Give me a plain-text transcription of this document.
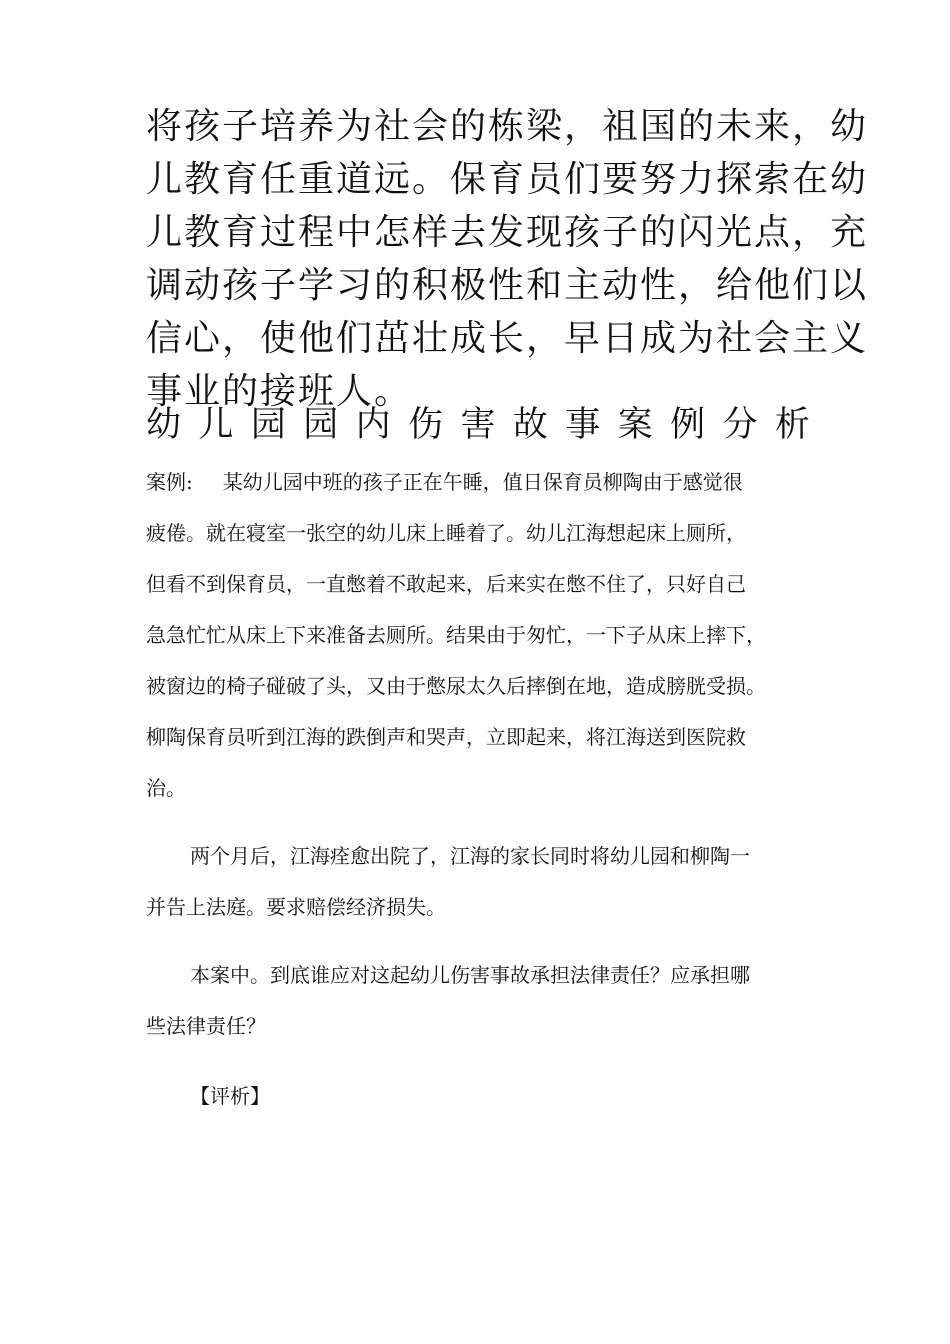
将孩子培养为社会的栋梁，祖国的未来，幼
儿教育任重道远。保育员们要努力探索在幼
儿教育过程中怎样去发现孩子的闪光点，充
调动孩子学习的积极性和主动性，给他们以
信心，使他们茁壮成长，早日成为社会主义
事业的接班人。
幼 儿 园 园 内 伤 害 故 事 案 例 分 析
案例: 某幼儿园中班的孩子正在午睡，值日保育员柳陶由于感觉很
疲倦。就在寝室一张空的幼儿床上睡着了。幼儿江海想起床上厕所，
但看不到保育员，一直憋着不敢起来，后来实在憋不住了，只好自己
急急忙忙从床上下来准备去厕所。结果由于匆忙，一下子从床上摔下，
被窗边的椅子碰破了头，又由于憋尿太久后摔倒在地，造成膀胱受损。
柳陶保育员听到江海的跌倒声和哭声，立即起来，将江海送到医院救
治。
两个月后，江海痊愈出院了，江海的家长同时将幼儿园和柳陶一
并告上法庭。要求赔偿经济损失。
本案中。到底谁应对这起幼儿伤害事故承担法律责任？应承担哪
些法律责任？
【评析】
